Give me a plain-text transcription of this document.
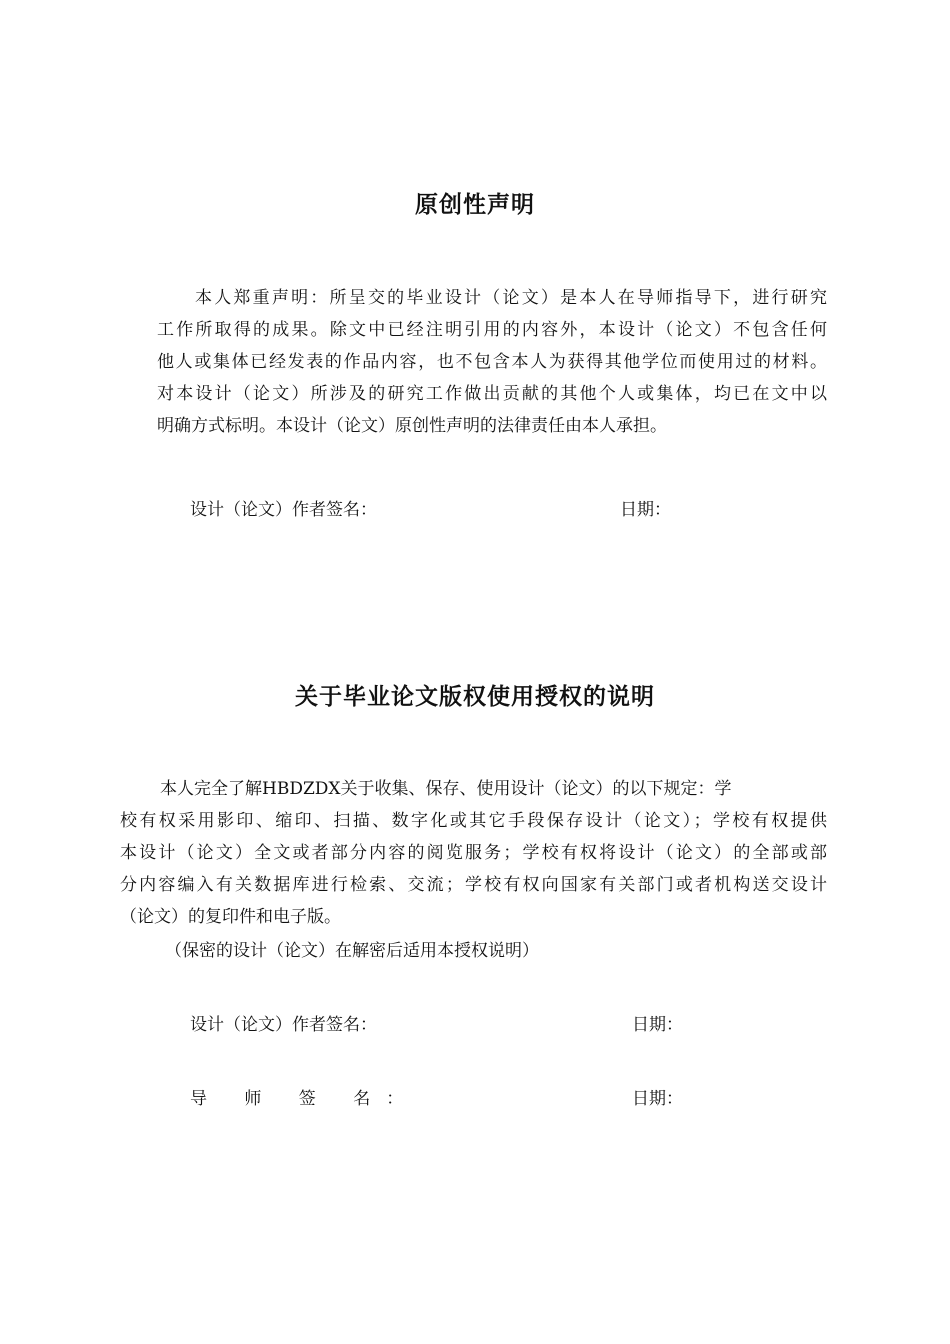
原创性声明

本人郑重声明：所呈交的毕业设计（论文）是本人在导师指导下，进行研究
工作所取得的成果。除文中已经注明引用的内容外，本设计（论文）不包含任何
他人或集体已经发表的作品内容，也不包含本人为获得其他学位而使用过的材料。
对本设计（论文）所涉及的研究工作做出贡献的其他个人或集体，均已在文中以
明确方式标明。本设计（论文）原创性声明的法律责任由本人承担。

设计（论文）作者签名：	日期：
关于毕业论文版权使用授权的说明

本人完全了解HBDZDX关于收集、保存、使用设计（论文）的以下规定：学
校有权采用影印、缩印、扫描、数字化或其它手段保存设计（论文）；学校有权提供
本设计（论文）全文或者部分内容的阅览服务；学校有权将设计（论文）的全部或部
分内容编入有关数据库进行检索、交流；学校有权向国家有关部门或者机构送交设计
（论文）的复印件和电子版。

（保密的设计（论文）在解密后适用本授权说明）
设计（论文）作者签名：	日期：
导 师 签 名：	日期：
